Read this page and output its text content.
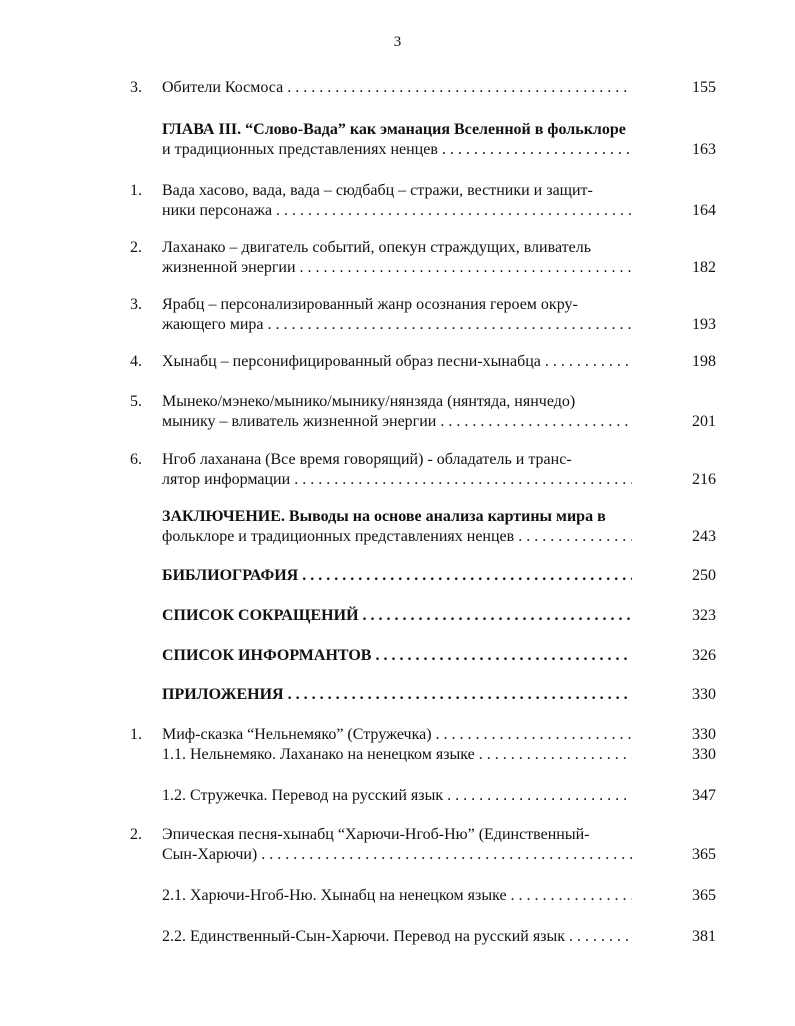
3
3. Обители Космоса . . .	155
ГЛАВА III. “Слово-Вада” как эманация Вселенной в фольклоре
и традиционных представлениях ненцев . . .	163
1. Вада хасово, вада, вада – сюдбабц – стражи, вестники и защит-
ники персонажа . . .	164
2. Лаханако – двигатель событий, опекун страждущих, вливатель
жизненной энергии . . .	182
3. Ярабц – персонализированный жанр осознания героем окру-
жающего мира . . .	193
4. Хынабц – персонифицированный образ песни-хынабца . . .	198
5. Мынеко/мэнеко/мынико/мынику/нянзяда (нянтяда, нянчедо)
мынику – вливатель жизненной энергии . . .	201
6. Нгоб лаханана (Все время говорящий) - обладатель и транс-
лятор информации . . .	216
ЗАКЛЮЧЕНИЕ. Выводы на основе анализа картины мира в
фольклоре и традиционных представлениях ненцев . . .	243
БИБЛИОГРАФИЯ . . .	250
СПИСОК СОКРАЩЕНИЙ . . .	323
СПИСОК ИНФОРМАНТОВ . . .	326
ПРИЛОЖЕНИЯ . . .	330
1. Миф-сказка “Нельнемяко” (Стружечка) . . .	330
1.1. Нельнемяко. Лаханако на ненецком языке . . .	330
1.2. Стружечка. Перевод на русский язык . . .	347
2. Эпическая песня-хынабц “Харючи-Нгоб-Ню” (Единственный-
Сын-Харючи) . . .	365
2.1. Харючи-Нгоб-Ню. Хынабц на ненецком языке . . .	365
2.2. Единственный-Сын-Харючи. Перевод на русский язык . . .	381
